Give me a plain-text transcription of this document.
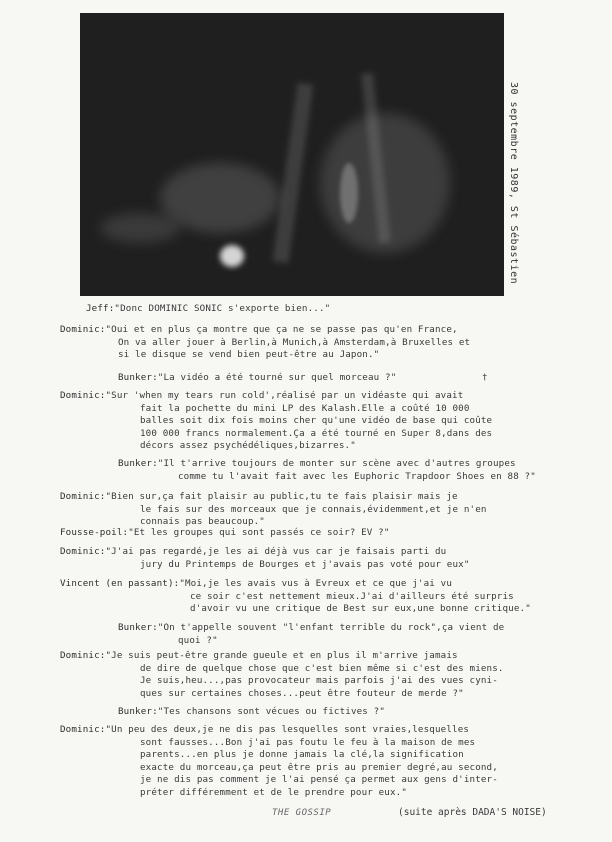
30 septembre 1989, St Sébastien
Jeff:"Donc DOMINIC SONIC s'exporte bien..."
Dominic:"Oui et en plus ça montre que ça ne se passe pas qu'en France,
On va aller jouer à Berlin,à Munich,à Amsterdam,à Bruxelles et
si le disque se vend bien peut-être au Japon."
Bunker:"La vidéo a été tourné sur quel morceau ?"
Dominic:"Sur 'when my tears run cold',réalisé par un vidéaste qui avait
fait la pochette du mini LP des Kalash.Elle a coûté 10 000
balles soit dix fois moins cher qu'une vidéo de base qui coûte
100 000 francs normalement.Ça a été tourné en Super 8,dans des
décors assez psychédéliques,bizarres."
Bunker:"Il t'arrive toujours de monter sur scène avec d'autres groupes
comme tu l'avait fait avec les Euphoric Trapdoor Shoes en 88 ?"
Dominic:"Bien sur,ça fait plaisir au public,tu te fais plaisir mais je
le fais sur des morceaux que je connais,évidemment,et je n'en
connais pas beaucoup."
Fousse-poil:"Et les groupes qui sont passés ce soir? EV ?"
Dominic:"J'ai pas regardé,je les ai déjà vus car je faisais parti du
jury du Printemps de Bourges et j'avais pas voté pour eux"
Vincent (en passant):"Moi,je les avais vus à Evreux et ce que j'ai vu
ce soir c'est nettement mieux.J'ai d'ailleurs été surpris
d'avoir vu une critique de Best sur eux,une bonne critique."
Bunker:"On t'appelle souvent "l'enfant terrible du rock",ça vient de
quoi ?"
Dominic:"Je suis peut-être grande gueule et en plus il m'arrive jamais
de dire de quelque chose que c'est bien même si c'est des miens.
Je suis,heu...,pas provocateur mais parfois j'ai des vues cyni-
ques sur certaines choses...peut être fouteur de merde ?"
Bunker:"Tes chansons sont vécues ou fictives ?"
Dominic:"Un peu des deux,je ne dis pas lesquelles sont vraies,lesquelles
sont fausses...Bon j'ai pas foutu le feu à la maison de mes
parents...en plus je donne jamais la clé,la signification
exacte du morceau,ça peut être pris au premier degré,au second,
je ne dis pas comment je l'ai pensé ça permet aux gens d'inter-
préter différemment et de le prendre pour eux."
†
THE GOSSIP	(suite après DADA'S NOISE)
